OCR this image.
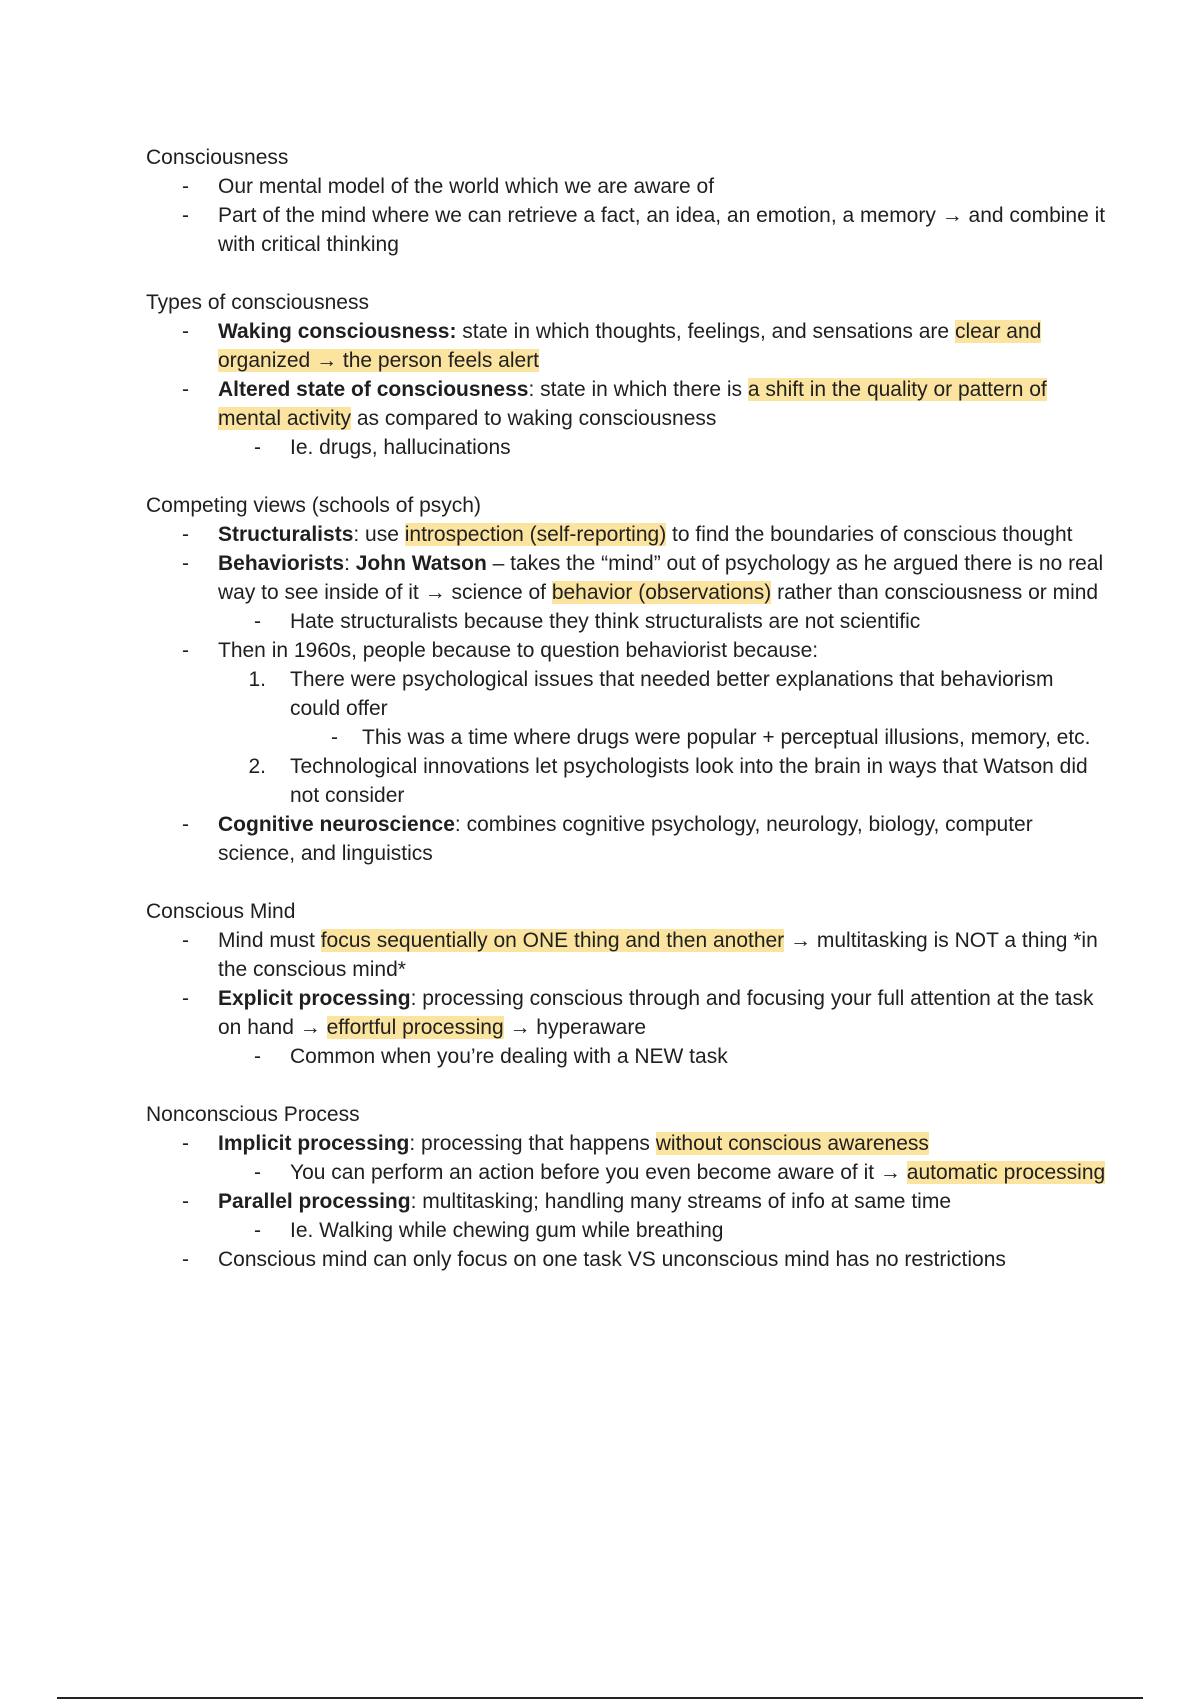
Consciousness

-	Our mental model of the world which we are aware of
-	Part of the mind where we can retrieve a fact, an idea, an emotion, a memory → and combine it with critical thinking

Types of consciousness

-	Waking consciousness: state in which thoughts, feelings, and sensations are clear and organized → the person feels alert
-	Altered state of consciousness: state in which there is a shift in the quality or pattern of mental activity as compared to waking consciousness
-	Ie. drugs, hallucinations

Competing views (schools of psych)

-	Structuralists: use introspection (self-reporting) to find the boundaries of conscious thought
-	Behaviorists: John Watson – takes the “mind” out of psychology as he argued there is no real way to see inside of it → science of behavior (observations) rather than consciousness or mind
-	Hate structuralists because they think structuralists are not scientific
-	Then in 1960s, people because to question behaviorist because:
1. There were psychological issues that needed better explanations that behaviorism could offer
- This was a time where drugs were popular + perceptual illusions, memory, etc.
2. Technological innovations let psychologists look into the brain in ways that Watson did not consider
-	Cognitive neuroscience: combines cognitive psychology, neurology, biology, computer science, and linguistics

Conscious Mind

-	Mind must focus sequentially on ONE thing and then another → multitasking is NOT a thing *in the conscious mind*
-	Explicit processing: processing conscious through and focusing your full attention at the task on hand → effortful processing → hyperaware
-	Common when you’re dealing with a NEW task

Nonconscious Process

-	Implicit processing: processing that happens without conscious awareness
-	You can perform an action before you even become aware of it → automatic processing
-	Parallel processing: multitasking; handling many streams of info at same time
-	Ie. Walking while chewing gum while breathing
-	Conscious mind can only focus on one task VS unconscious mind has no restrictions
